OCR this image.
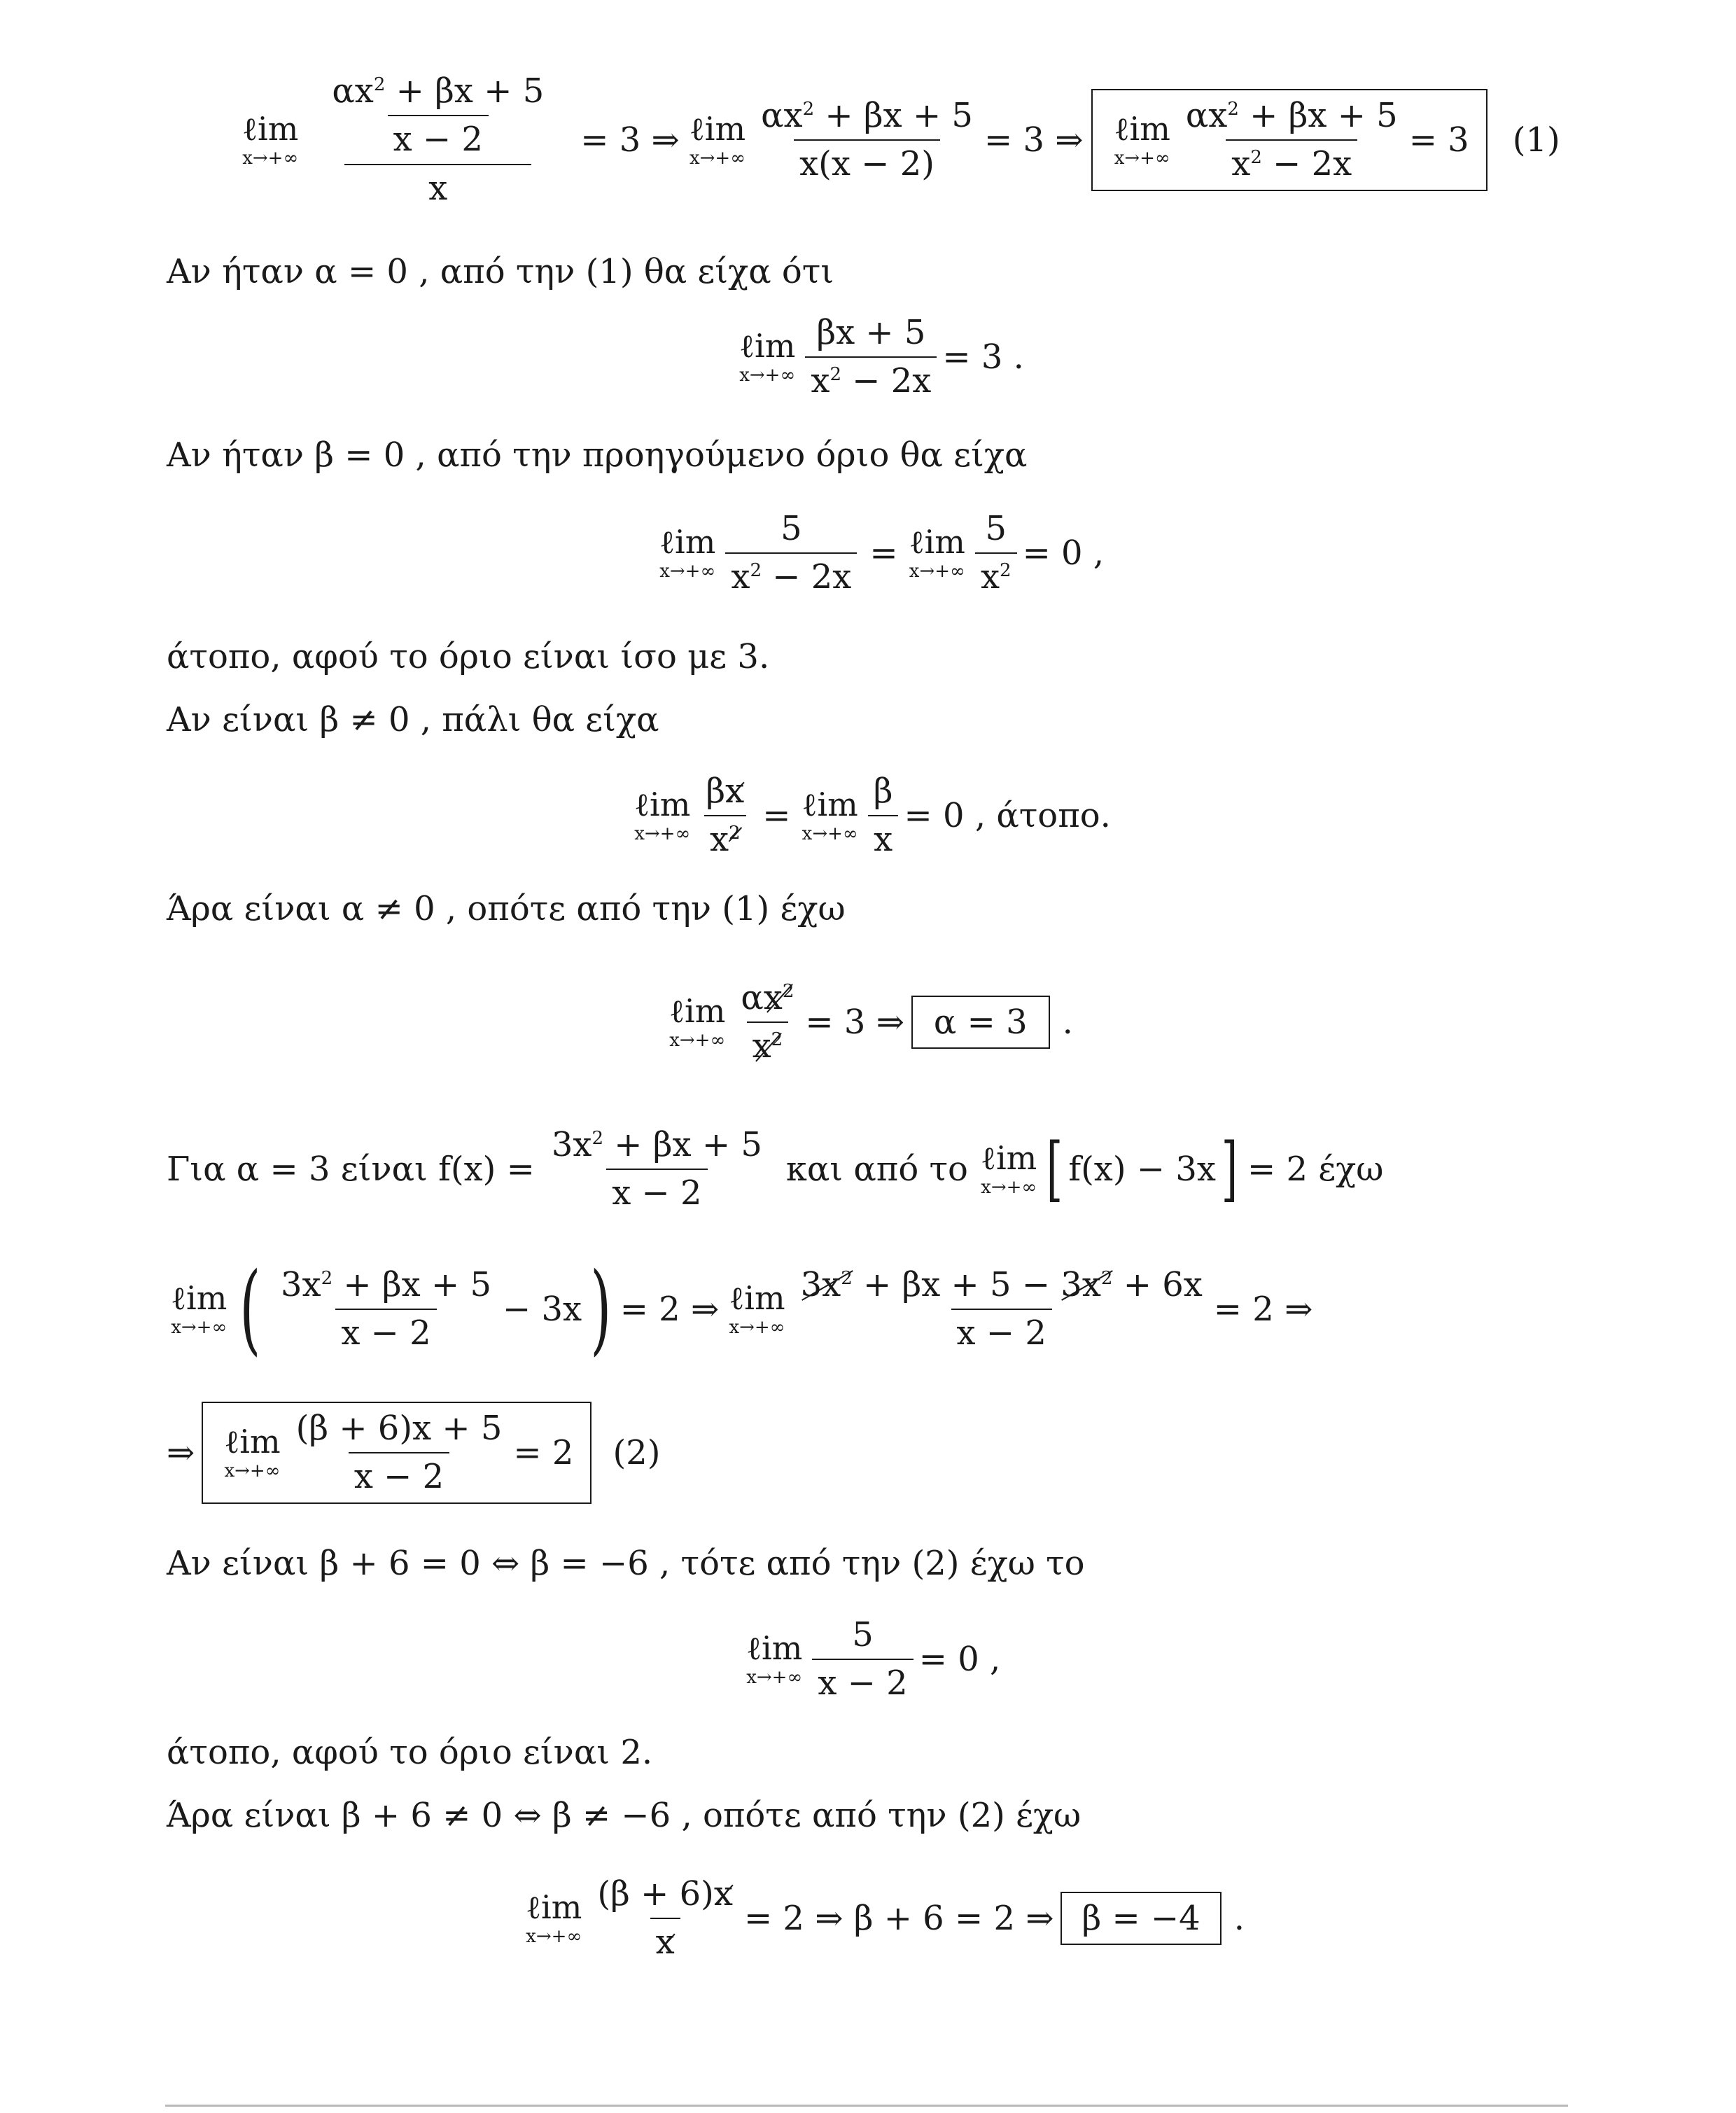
ℓim
$x\to+\infty \frac{\frac{\alpha x^2 + \beta x + 5}{x - 2}}{x} = 3$ ⇒ ℓim
$x\to+\infty \frac{\alpha x^2 + \beta x + 5}{x(x - 2)} = 3$ ⇒ ℓim
$x\to+\infty \frac{\alpha x^2 + \beta x + 5}{x^2 - 2x} = 3$ (1)
Αν ήταν α = 0 , από την (1) θα είχα ότι
ℓim
$x\to+\infty \frac{\beta x + 5}{x^2 - 2x} = 3$ .
Αν ήταν β = 0 , από την προηγούμενο όριο θα είχα
ℓim
$x\to+\infty \frac{5}{x^2 - 2x}$ = ℓim
$x\to+\infty \frac{5}{x^2} = 0$ ,
άτοπο, αφού το όριο είναι ίσο με 3.
Αν είναι β ≠ 0 , πάλι θα είχα
ℓim
$x\to+\infty \frac{\beta x}{x^2}$ = ℓim
$x\to+\infty \frac{\beta}{x} = 0$ , άτοπο.
Άρα είναι α ≠ 0 , οπότε από την (1) έχω
ℓim
$x\to+\infty \frac{\alpha x^2}{x^2} = 3$ ⇒ α = 3	.
Για α = 3 είναι $f(x) = \frac{3x^2 + \beta x + 5}{x - 2}$ και από το ℓim
x→+∞ [ f(x) − 3x ] = 2 έχω
ℓim
x→+∞ ( $\frac{3x^2 + \beta x + 5}{x - 2} - 3x$ ) = 2 ⇒ ℓim
$x\to+\infty \frac{3x^2 + \beta x + 5 - 3x^2 + 6x}{x - 2} = 2$ ⇒
⇒ ℓim
$x\to+\infty \frac{(\beta + 6)x + 5}{x - 2} = 2$ (2)
Αν είναι β + 6 = 0 ⇔ β = −6 , τότε από την (2) έχω το
ℓim
$x\to+\infty \frac{5}{x - 2} = 0$ ,
άτοπο, αφού το όριο είναι 2.
Άρα είναι β + 6 ≠ 0 ⇔ β ≠ −6 , οπότε από την (2) έχω
ℓim
$x\to+\infty \frac{(\beta + 6)x}{x} = 2$ ⇒ β + 6 = 2 ⇒ β = −4	.
